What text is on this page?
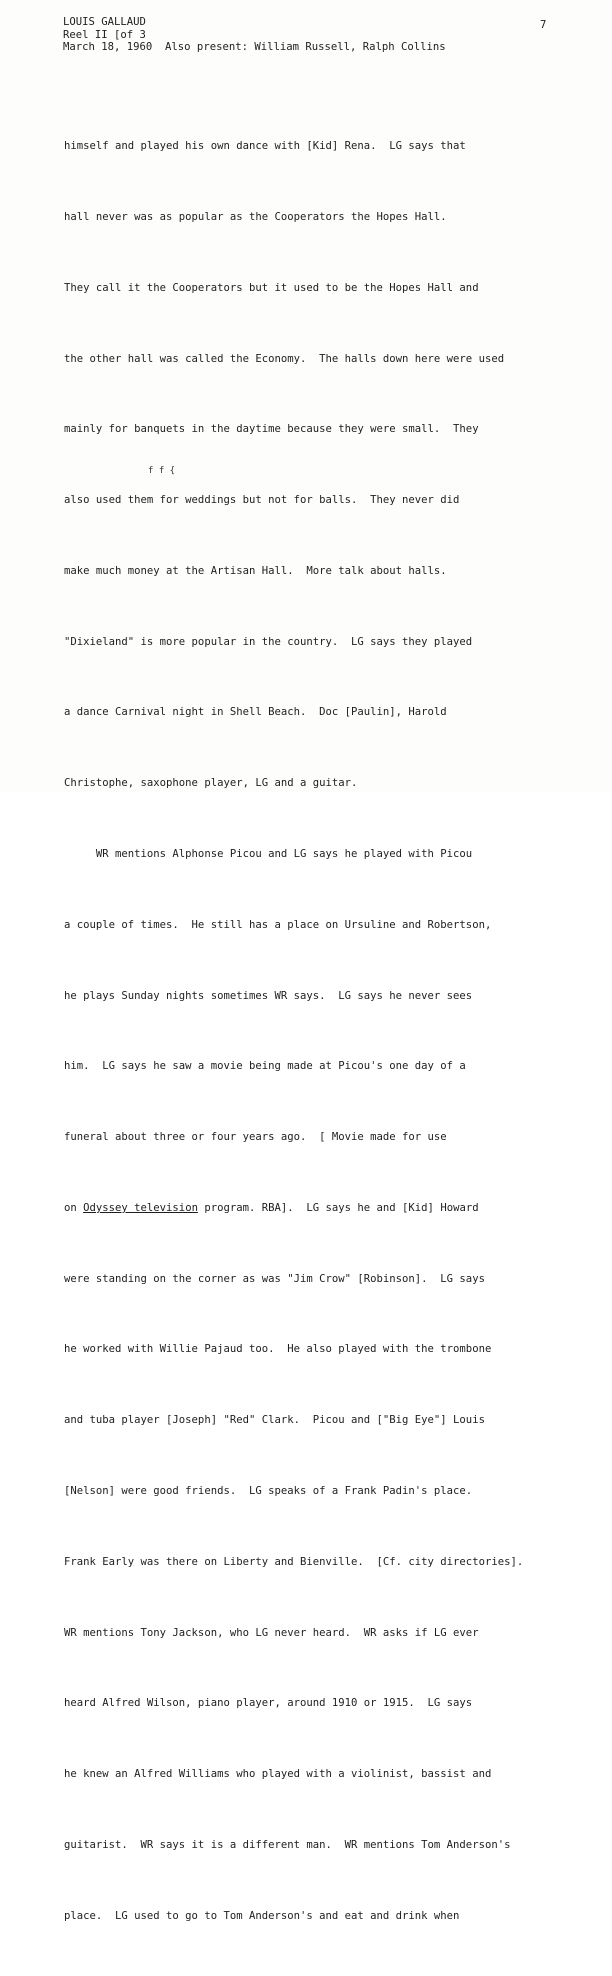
LOUIS GALLAUD
Reel II [of 3
March 18, 1960  Also present: William Russell, Ralph Collins
7

himself and played his own dance with [Kid] Rena.  LG says that

hall never was as popular as the Cooperators the Hopes Hall.

They call it the Cooperators but it used to be the Hopes Hall and

the other hall was called the Economy.  The halls down here were used

mainly for banquets in the daytime because they were small.  They

also used them for weddings but not for balls.  They never did

make much money at the Artisan Hall.  More talk about halls.

"Dixieland" is more popular in the country.  LG says they played

a dance Carnival night in Shell Beach.  Doc [Paulin], Harold

Christophe, saxophone player, LG and a guitar.

WR mentions Alphonse Picou and LG says he played with Picou

a couple of times.  He still has a place on Ursuline and Robertson,

he plays Sunday nights sometimes WR says.  LG says he never sees

him.  LG says he saw a movie being made at Picou's one day of a

funeral about three or four years ago.  [ Movie made for use

on Odyssey television program. RBA].  LG says he and [Kid] Howard

were standing on the corner as was "Jim Crow" [Robinson].  LG says

he worked with Willie Pajaud too.  He also played with the trombone

and tuba player [Joseph] "Red" Clark.  Picou and ["Big Eye"] Louis

[Nelson] were good friends.  LG speaks of a Frank Padin's place.

Frank Early was there on Liberty and Bienville.  [Cf. city directories].

WR mentions Tony Jackson, who LG never heard.  WR asks if LG ever

heard Alfred Wilson, piano player, around 1910 or 1915.  LG says

he knew an Alfred Williams who played with a violinist, bassist and

guitarist.  WR says it is a different man.  WR mentions Tom Anderson's

place.  LG used to go to Tom Anderson's and eat and drink when

f f {
